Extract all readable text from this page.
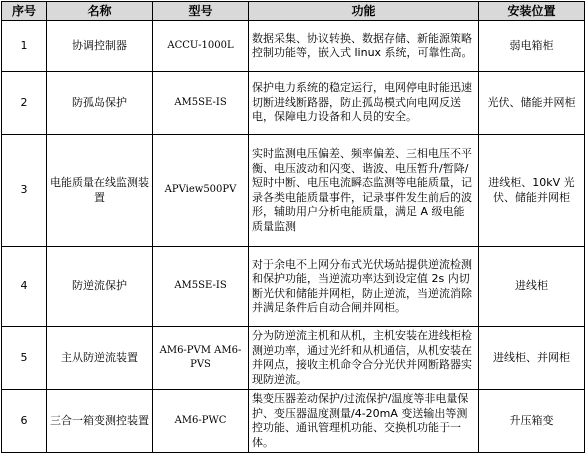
序号	名称	型号	功能	安装位置
1	协调控制器	ACCU-1000L	数据采集、协议转换、数据存储、新能源策略控制功能等，嵌入式 linux 系统，可靠性高。	弱电箱柜
2	防孤岛保护	AM5SE-IS	保护电力系统的稳定运行，电网停电时能迅速切断进线断路器，防止孤岛模式向电网反送电，保障电力设备和人员的安全。	光伏、储能并网柜
3	电能质量在线监测装置	APView500PV	实时监测电压偏差、频率偏差、三相电压不平衡、电压波动和闪变、谐波、电压暂升/暂降/短时中断、电压电流瞬态监测等电能质量，记录各类电能质量事件，记录事件发生前后的波形，辅助用户分析电能质量，满足 A 级电能质量监测	进线柜、10kV 光伏、储能并网柜
4	防逆流保护	AM5SE-IS	对于余电不上网分布式光伏场站提供逆流检测和保护功能，当逆流功率达到设定值 2s 内切断光伏和储能并网柜，防止逆流，当逆流消除并满足条件后自动合闸并网柜。	进线柜
5	主从防逆流装置	AM6-PVM AM6-PVS	分为防逆流主机和从机，主机安装在进线柜检测逆功率，通过光纤和从机通信，从机安装在并网点，接收主机命令合分光伏并网断路器实现防逆流。	进线柜、并网柜
6	三合一箱变测控装置	AM6-PWC	集变压器差动保护/过流保护/温度等非电量保护、变压器温度测量/4-20mA 变送输出等测控功能、通讯管理机功能、交换机功能于一体。	升压箱变
